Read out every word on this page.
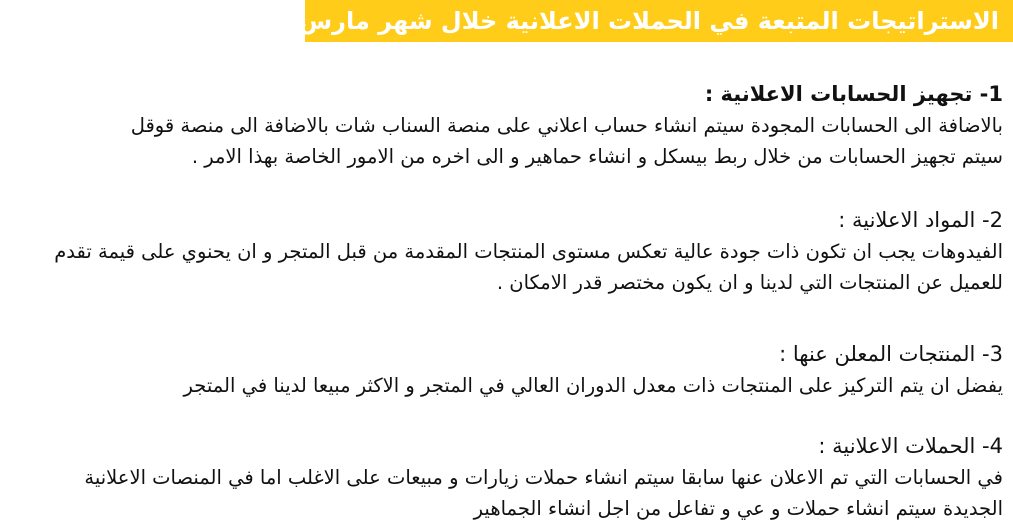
الاستراتيجات المتبعة في الحملات الاعلانية خلال شهر مارس
1- تجهيز الحسابات الاعلانية :
بالاضافة الى الحسابات المجودة سيتم انشاء حساب اعلاني على منصة السناب شات بالاضافة الى منصة قوقل
سيتم تجهيز الحسابات من خلال ربط بيسكل و انشاء حماهير و الى اخره من الامور الخاصة بهذا الامر .
2- المواد الاعلانية :
الفيدوهات يجب ان تكون ذات جودة عالية تعكس مستوى المنتجات المقدمة من قبل المتجر و ان يحنوي على قيمة تقدم
للعميل عن المنتجات التي لدينا و ان يكون مختصر قدر الامكان .
3- المنتجات المعلن عنها :
يفضل ان يتم التركيز على المنتجات ذات معدل الدوران العالي في المتجر و الاكثر مبيعا لدينا في المتجر
4- الحملات الاعلانية :
في الحسابات التي تم الاعلان عنها سابقا سيتم انشاء حملات زيارات و مبيعات على الاغلب اما في المنصات الاعلانية
الجديدة سيتم انشاء حملات و عي و تفاعل من اجل انشاء الجماهير
